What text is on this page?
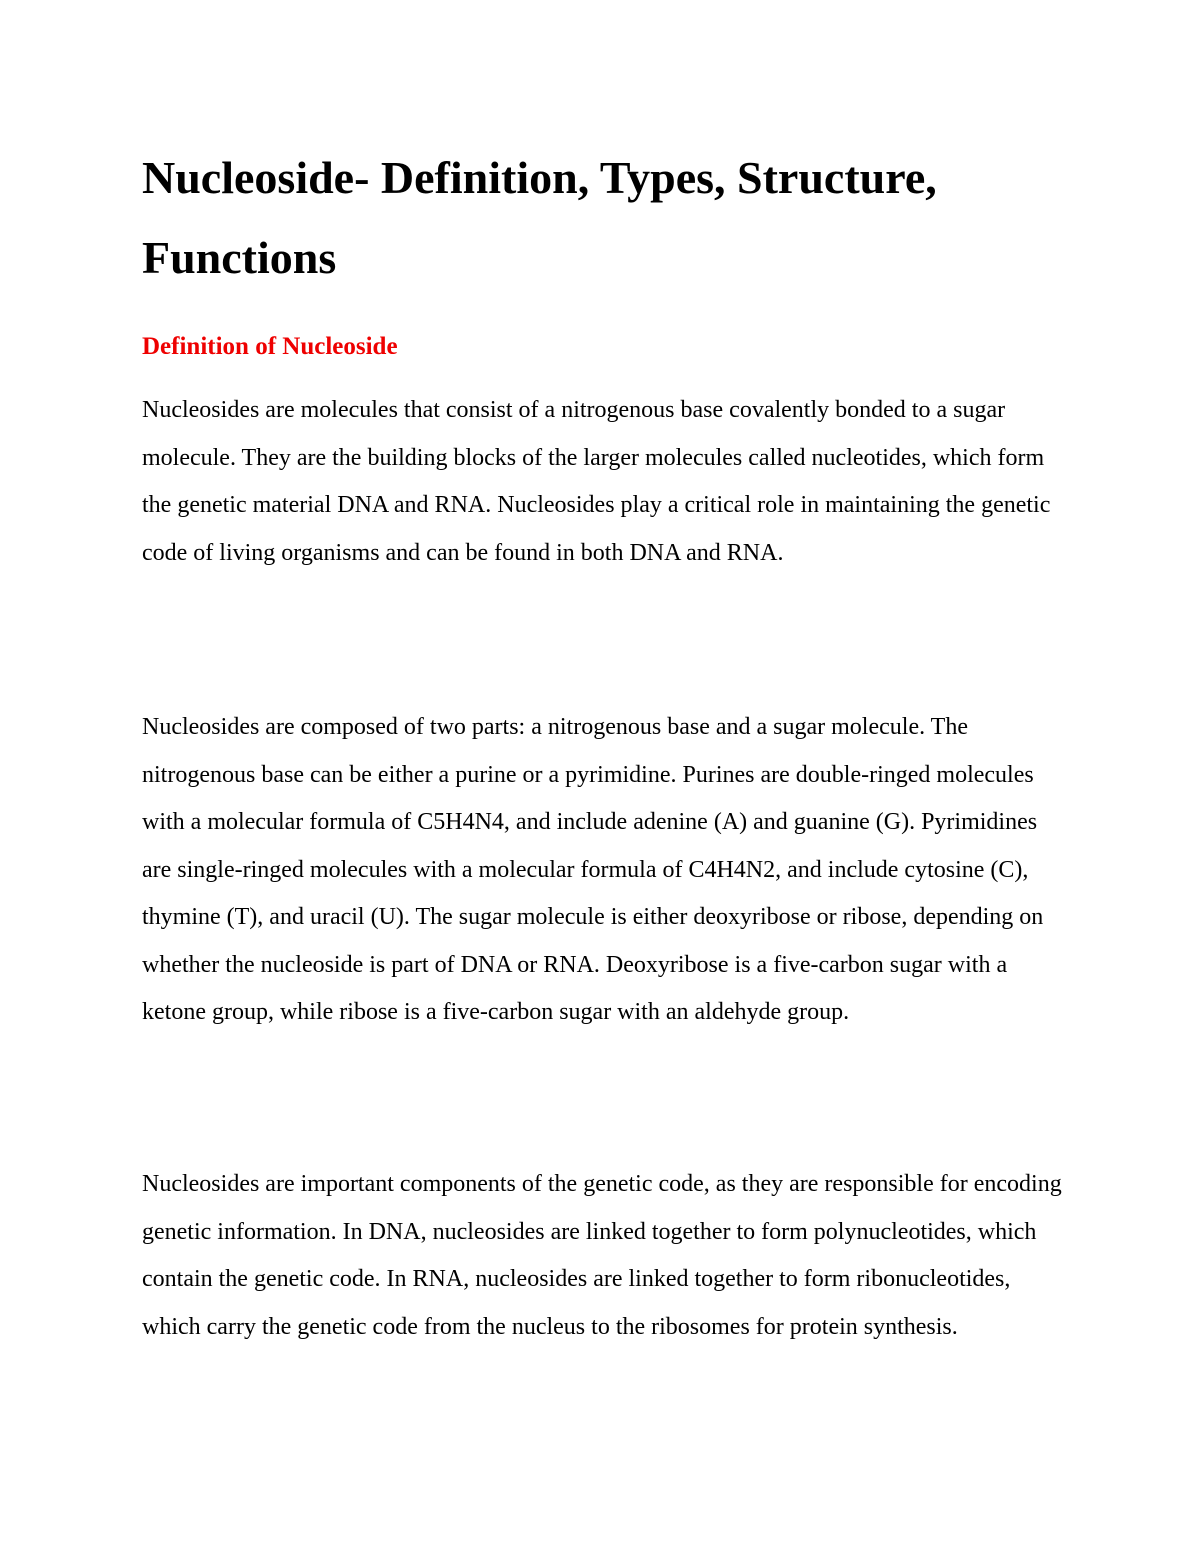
Nucleoside- Definition, Types, Structure, Functions
Definition of Nucleoside

Nucleosides are molecules that consist of a nitrogenous base covalently bonded to a sugar molecule. They are the building blocks of the larger molecules called nucleotides, which form the genetic material DNA and RNA. Nucleosides play a critical role in maintaining the genetic code of living organisms and can be found in both DNA and RNA.

Nucleosides are composed of two parts: a nitrogenous base and a sugar molecule. The nitrogenous base can be either a purine or a pyrimidine. Purines are double-ringed molecules with a molecular formula of C5H4N4, and include adenine (A) and guanine (G). Pyrimidines are single-ringed molecules with a molecular formula of C4H4N2, and include cytosine (C), thymine (T), and uracil (U). The sugar molecule is either deoxyribose or ribose, depending on whether the nucleoside is part of DNA or RNA. Deoxyribose is a five-carbon sugar with a ketone group, while ribose is a five-carbon sugar with an aldehyde group.

Nucleosides are important components of the genetic code, as they are responsible for encoding genetic information. In DNA, nucleosides are linked together to form polynucleotides, which contain the genetic code. In RNA, nucleosides are linked together to form ribonucleotides, which carry the genetic code from the nucleus to the ribosomes for protein synthesis.
